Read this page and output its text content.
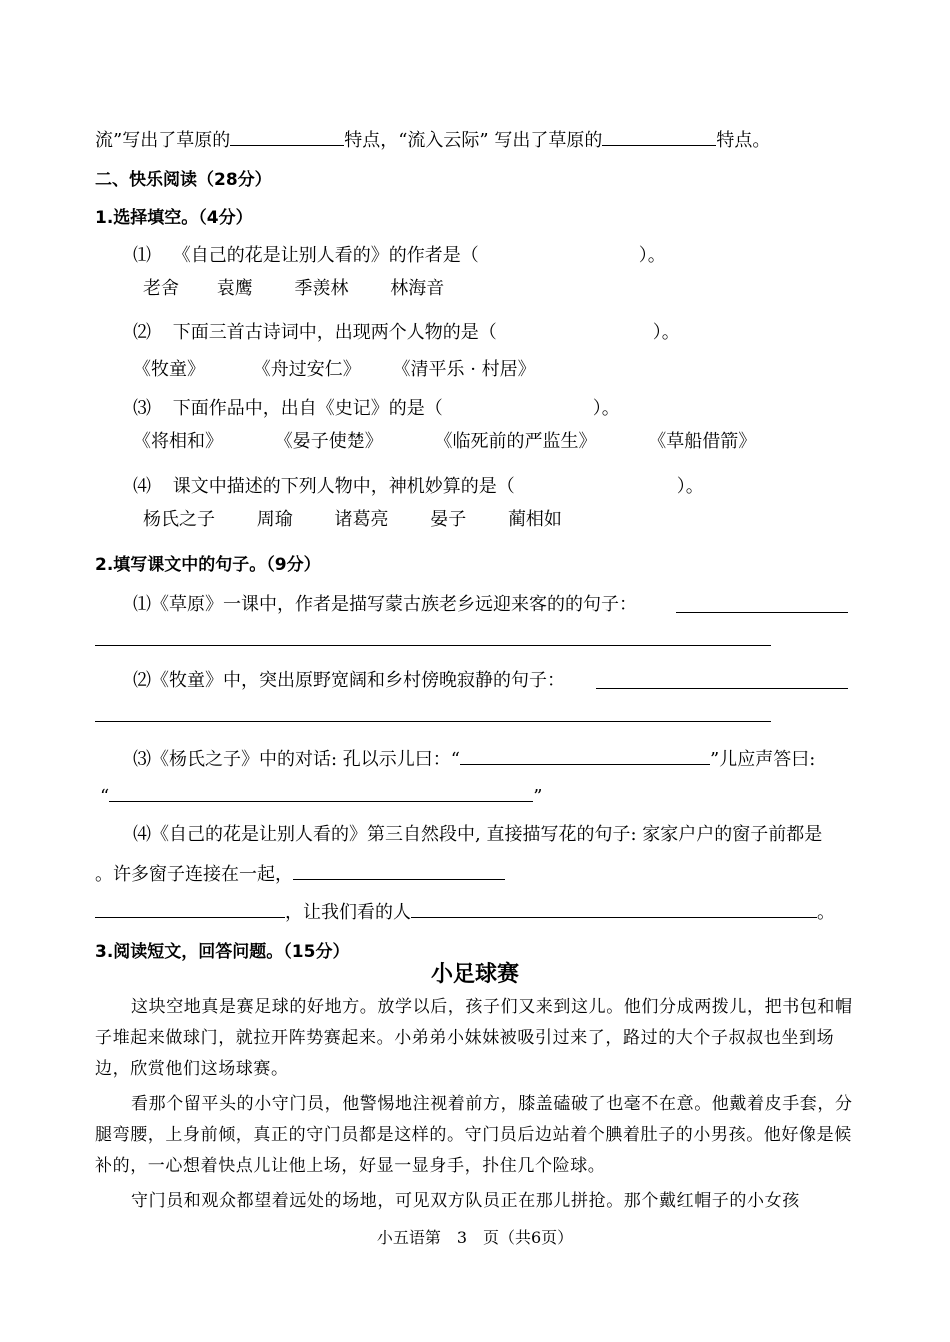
流”写出了草原的	特点，“流入云际” 写出了草原的	特点。
二、快乐阅读（28分）
1.选择填空。（4分）
⑴ 《自己的花是让别人看的》的作者是（	）。
老舍 袁鹰 季羡林 林海音
⑵ 下面三首古诗词中，出现两个人物的是（	）。
《牧童》	《舟过安仁》 《清平乐 · 村居》
⑶ 下面作品中，出自《史记》的是（	）。
《将相和》	《晏子使楚》	《临死前的严监生》	《草船借箭》
⑷ 课文中描述的下列人物中，神机妙算的是（	）。
杨氏之子 周瑜 诸葛亮 晏子 蔺相如
2.填写课文中的句子。（9分）
⑴《草原》一课中，作者是描写蒙古族老乡远迎来客的的句子：
⑵《牧童》中，突出原野宽阔和乡村傍晚寂静的句子：
⑶《杨氏之子》中的对话: 孔以示儿曰：“	”儿应声答曰:
“	”
⑷《自己的花是让别人看的》第三自然段中, 直接描写花的句子: 家家户户的窗子前都是
。许多窗子连接在一起，
，让我们看的人	。
3.阅读短文，回答问题。（15分）
小足球赛
这块空地真是赛足球的好地方。放学以后，孩子们又来到这儿。他们分成两拨儿，把书包和帽子堆起来做球门，就拉开阵势赛起来。小弟弟小妹妹被吸引过来了，路过的大个子叔叔也坐到场边，欣赏他们这场球赛。
看那个留平头的小守门员，他警惕地注视着前方，膝盖磕破了也毫不在意。他戴着皮手套，分腿弯腰，上身前倾，真正的守门员都是这样的。守门员后边站着个腆着肚子的小男孩。他好像是候补的，一心想着快点儿让他上场，好显一显身手，扑住几个险球。
守门员和观众都望着远处的场地，可见双方队员正在那儿拼抢。那个戴红帽子的小女孩
小五语第　3　页（共6页）
